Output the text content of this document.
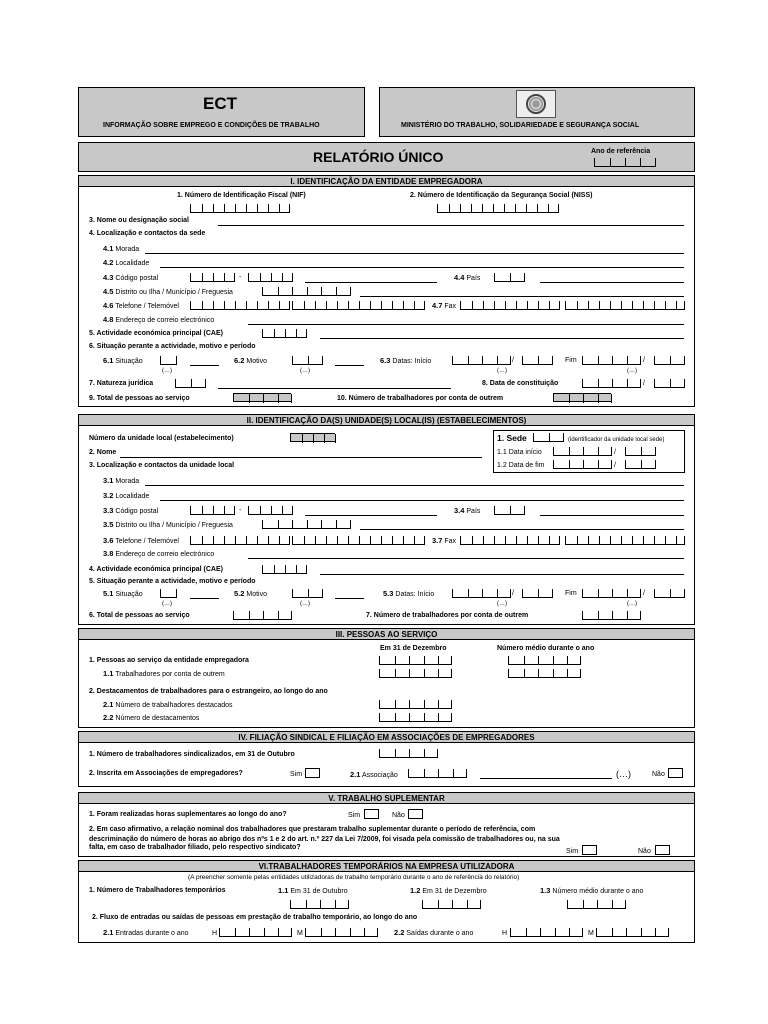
ECT
INFORMAÇÃO SOBRE EMPREGO E CONDIÇÕES DE TRABALHO	MINISTÉRIO DO TRABALHO, SOLIDARIEDADE E SEGURANÇA SOCIAL
RELATÓRIO ÚNICO	Ano de referência
I. IDENTIFICAÇÃO DA ENTIDADE EMPREGADORA
1. Número de Identificação Fiscal (NIF)	2. Número de Identificação da Segurança Social (NISS)
3. Nome ou designação social
4. Localização e contactos da sede
4.1 Morada
4.2 Localidade
4.3 Código postal	-	4.4 País
4.5 Distrito ou Ilha / Município / Freguesia
4.6 Telefone / Telemóvel	4.7 Fax
4.8 Endereço de correio electrónico
5. Actividade económica principal (CAE)
6. Situação perante a actividade, motivo e período
6.1 Situação
(…)
6.2 Motivo
(…)
6.3 Datas: Início	/
(…)
Fim	/
(…)
7. Natureza jurídica	8. Data de constituição	/
9. Total de pessoas ao serviço	10. Número de trabalhadores por conta de outrem
II. IDENTIFICAÇÃO DA(S) UNIDADE(S) LOCAL(IS) (ESTABELECIMENTOS)
Número da unidade local (estabelecimento)
2. Nome
3. Localização e contactos da unidade local
1. Sede	(identificador da unidade local sede)
1.1 Data início	/
1.2 Data de fim	/
3.1 Morada
3.2 Localidade
3.3 Código postal	-	3.4 País
3.5 Distrito ou Ilha / Município / Freguesia
3.6 Telefone / Telemóvel	3.7 Fax
3.8 Endereço de correio electrónico
4. Actividade económica principal (CAE)
5. Situação perante a actividade, motivo e período
5.1 Situação
(…)
5.2 Motivo
(…)
5.3 Datas: Início	/
(…)
Fim	/
(…)
6. Total de pessoas ao serviço	7. Número de trabalhadores por conta de outrem
III. PESSOAS AO SERVIÇO
Em 31 de Dezembro	Número médio durante o ano
1. Pessoas ao serviço da entidade empregadora
1.1 Trabalhadores por conta de outrem
2. Destacamentos de trabalhadores para o estrangeiro, ao longo do ano
2.1 Número de trabalhadores destacados
2.2 Número de destacamentos
IV. FILIAÇÃO SINDICAL E FILIAÇÃO EM ASSOCIAÇÕES DE EMPREGADORES
1. Número de trabalhadores sindicalizados, em 31 de Outubro
2. Inscrita em Associações de empregadores?	Sim	2.1 Associação	(…)	Não
V. TRABALHO SUPLEMENTAR
1. Foram realizadas horas suplementares ao longo do ano?	Sim	Não
2. Em caso afirmativo, a relação nominal dos trabalhadores que prestaram trabalho suplementar durante o período de referência, com
descriminação do número de horas ao abrigo dos nºs 1 e 2 do art. n.º 227 da Lei 7/2009, foi visada pela comissão de trabalhadores ou, na sua
falta, em caso de trabalhador filiado, pelo respectivo sindicato?
Sim	Não
VI.TRABALHADORES TEMPORÁRIOS NA EMPRESA UTILIZADORA
(A preencher somente pelas entidades utilizadoras de trabalho temporário durante o ano de referência do relatório)
1. Número de Trabalhadores temporários	1.1 Em 31 de Outubro	1.2 Em 31 de Dezembro	1.3 Número médio durante o ano
2. Fluxo de entradas ou saídas de pessoas em prestação de trabalho temporário, ao longo do ano
2.1 Entradas durante o ano	H	M	2.2 Saídas durante o ano	H	M
